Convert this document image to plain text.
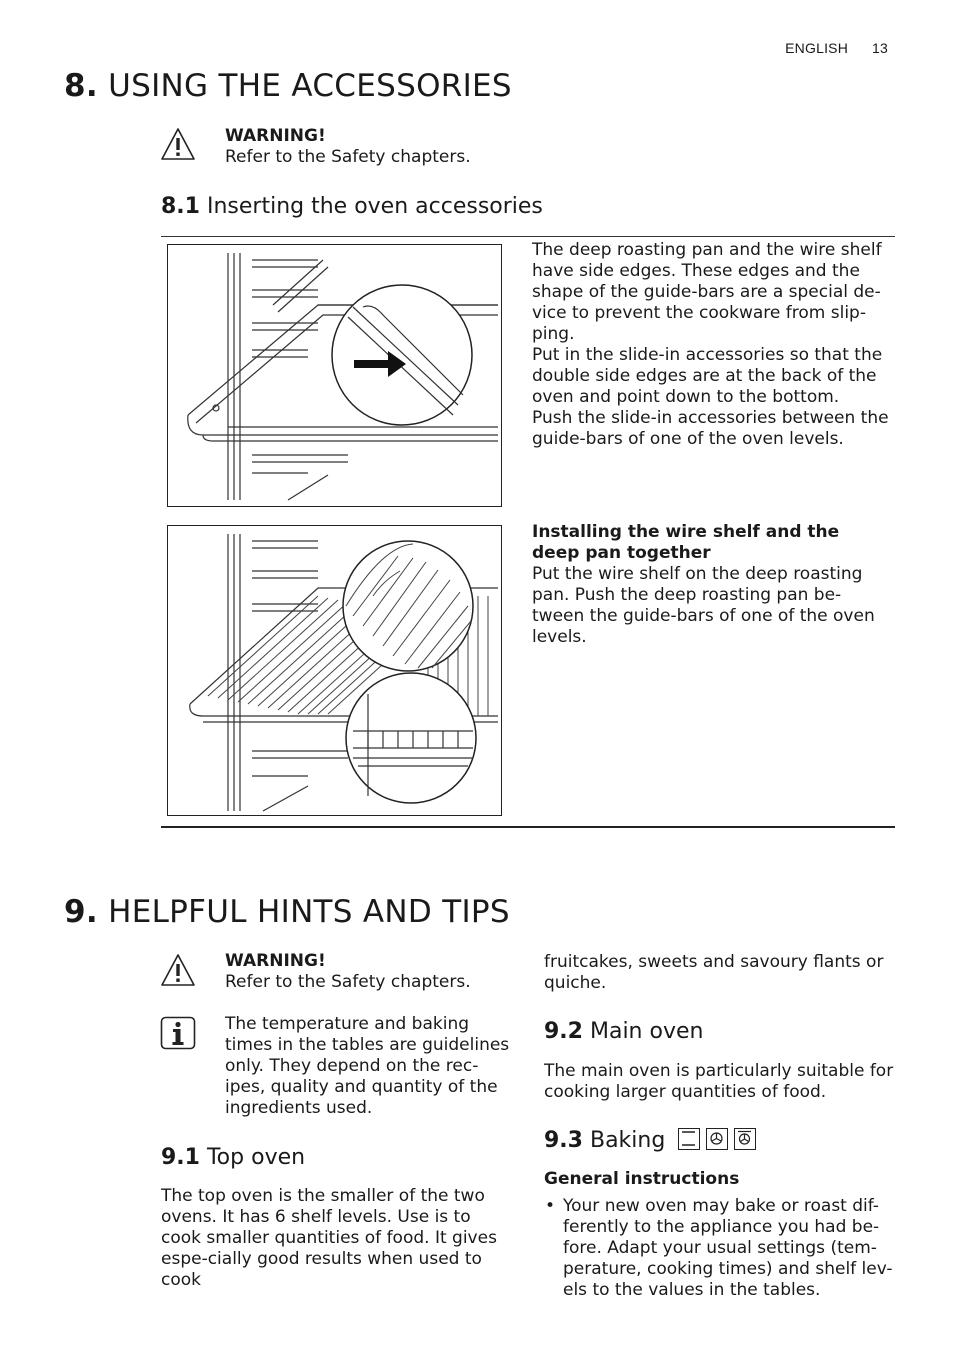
ENGLISH 13
8. USING THE ACCESSORIES
WARNING!
Refer to the Safety chapters.
8.1 Inserting the oven accessories
The deep roasting pan and the wire shelf have side edges. These edges and the shape of the guide-bars are a special de-vice to prevent the cookware from slip-ping.
Put in the slide-in accessories so that the double side edges are at the back of the oven and point down to the bottom.
Push the slide-in accessories between the guide-bars of one of the oven levels.
Installing the wire shelf and the deep pan together
Put the wire shelf on the deep roasting pan. Push the deep roasting pan be-tween the guide-bars of one of the oven levels.
9. HELPFUL HINTS AND TIPS
WARNING!
Refer to the Safety chapters.
The temperature and baking times in the tables are guidelines only. They depend on the rec-ipes, quality and quantity of the ingredients used.
9.1 Top oven
The top oven is the smaller of the two ovens. It has 6 shelf levels. Use is to cook smaller quantities of food. It gives espe-cially good results when used to cook
fruitcakes, sweets and savoury flants or quiche.
9.2 Main oven
The main oven is particularly suitable for cooking larger quantities of food.
9.3 Baking
General instructions
• Your new oven may bake or roast dif-ferently to the appliance you had be-fore. Adapt your usual settings (tem-perature, cooking times) and shelf lev-els to the values in the tables.
